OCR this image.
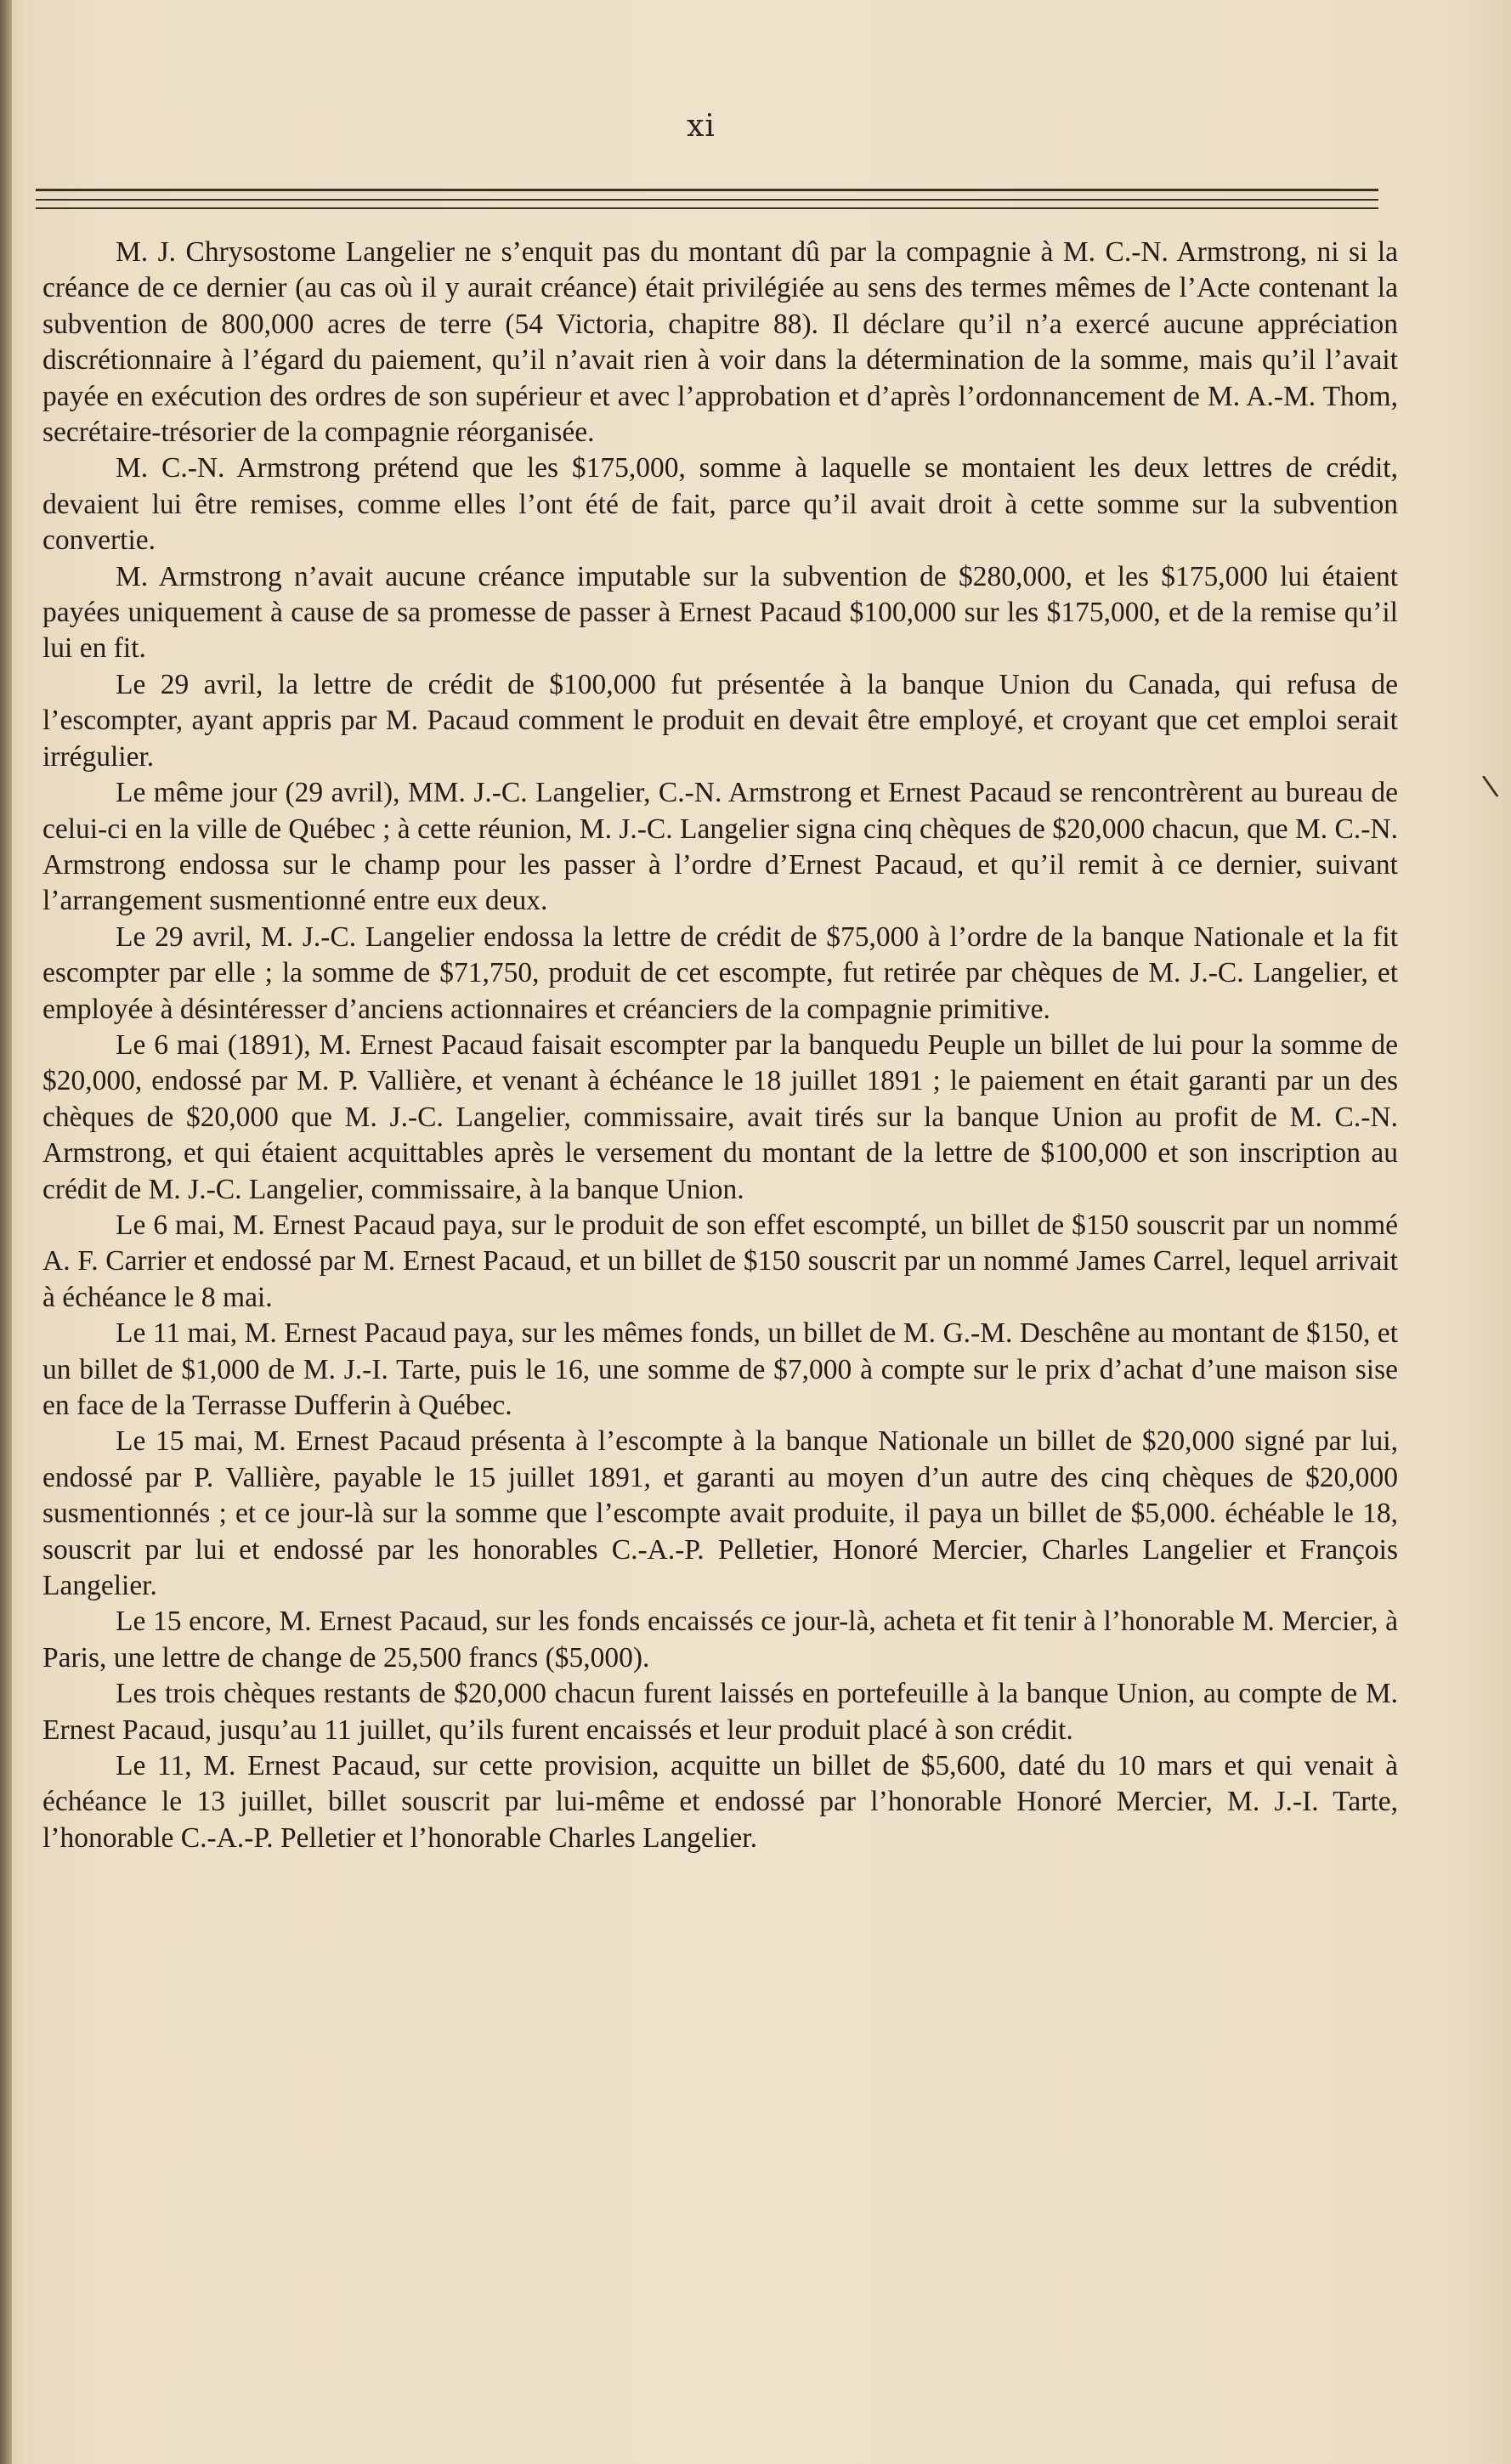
xi

M. J. Chrysostome Langelier ne s’enquit pas du montant dû par la compagnie à M. C.-N. Armstrong, ni si la créance de ce dernier (au cas où il y aurait créance) était privilégiée au sens des termes mêmes de l’Acte contenant la subvention de 800,000 acres de terre (54 Victoria, chapitre 88). Il déclare qu’il n’a exercé aucune appréciation discrétionnaire à l’égard du paiement, qu’il n’avait rien à voir dans la détermination de la somme, mais qu’il l’avait payée en exécution des ordres de son supérieur et avec l’approbation et d’après l’ordonnancement de M. A.-M. Thom, secrétaire-trésorier de la compagnie réorganisée.

M. C.-N. Armstrong prétend que les $175,000, somme à laquelle se montaient les deux lettres de crédit, devaient lui être remises, comme elles l’ont été de fait, parce qu’il avait droit à cette somme sur la subvention convertie.

M. Armstrong n’avait aucune créance imputable sur la subvention de $280,000, et les $175,000 lui étaient payées uniquement à cause de sa promesse de passer à Ernest Pacaud $100,000 sur les $175,000, et de la remise qu’il lui en fit.

Le 29 avril, la lettre de crédit de $100,000 fut présentée à la banque Union du Canada, qui refusa de l’escompter, ayant appris par M. Pacaud comment le produit en devait être employé, et croyant que cet emploi serait irrégulier.

Le même jour (29 avril), MM. J.-C. Langelier, C.-N. Armstrong et Ernest Pacaud se rencontrèrent au bureau de celui-ci en la ville de Québec ; à cette réunion, M. J.-C. Langelier signa cinq chèques de $20,000 chacun, que M. C.-N. Armstrong endossa sur le champ pour les passer à l’ordre d’Ernest Pacaud, et qu’il remit à ce dernier, suivant l’arrangement susmentionné entre eux deux.

Le 29 avril, M. J.-C. Langelier endossa la lettre de crédit de $75,000 à l’ordre de la banque Nationale et la fit escompter par elle ; la somme de $71,750, produit de cet escompte, fut retirée par chèques de M. J.-C. Langelier, et employée à désintéresser d’anciens actionnaires et créanciers de la compagnie primitive.

Le 6 mai (1891), M. Ernest Pacaud faisait escompter par la banquedu Peuple un billet de lui pour la somme de $20,000, endossé par M. P. Vallière, et venant à échéance le 18 juillet 1891 ; le paiement en était garanti par un des chèques de $20,000 que M. J.-C. Langelier, commissaire, avait tirés sur la banque Union au profit de M. C.-N. Armstrong, et qui étaient acquittables après le versement du montant de la lettre de $100,000 et son inscription au crédit de M. J.-C. Langelier, commissaire, à la banque Union.

Le 6 mai, M. Ernest Pacaud paya, sur le produit de son effet escompté, un billet de $150 souscrit par un nommé A. F. Carrier et endossé par M. Ernest Pacaud, et un billet de $150 souscrit par un nommé James Carrel, lequel arrivait à échéance le 8 mai.

Le 11 mai, M. Ernest Pacaud paya, sur les mêmes fonds, un billet de M. G.-M. Deschêne au montant de $150, et un billet de $1,000 de M. J.-I. Tarte, puis le 16, une somme de $7,000 à compte sur le prix d’achat d’une maison sise en face de la Terrasse Dufferin à Québec.

Le 15 mai, M. Ernest Pacaud présenta à l’escompte à la banque Nationale un billet de $20,000 signé par lui, endossé par P. Vallière, payable le 15 juillet 1891, et garanti au moyen d’un autre des cinq chèques de $20,000 susmentionnés ; et ce jour-là sur la somme que l’escompte avait produite, il paya un billet de $5,000. échéable le 18, souscrit par lui et endossé par les honorables C.-A.-P. Pelletier, Honoré Mercier, Charles Langelier et François Langelier.

Le 15 encore, M. Ernest Pacaud, sur les fonds encaissés ce jour-là, acheta et fit tenir à l’honorable M. Mercier, à Paris, une lettre de change de 25,500 francs ($5,000).

Les trois chèques restants de $20,000 chacun furent laissés en portefeuille à la banque Union, au compte de M. Ernest Pacaud, jusqu’au 11 juillet, qu’ils furent encaissés et leur produit placé à son crédit.

Le 11, M. Ernest Pacaud, sur cette provision, acquitte un billet de $5,600, daté du 10 mars et qui venait à échéance le 13 juillet, billet souscrit par lui-même et endossé par l’honorable Honoré Mercier, M. J.-I. Tarte, l’honorable C.-A.-P. Pelletier et l’honorable Charles Langelier.

\
